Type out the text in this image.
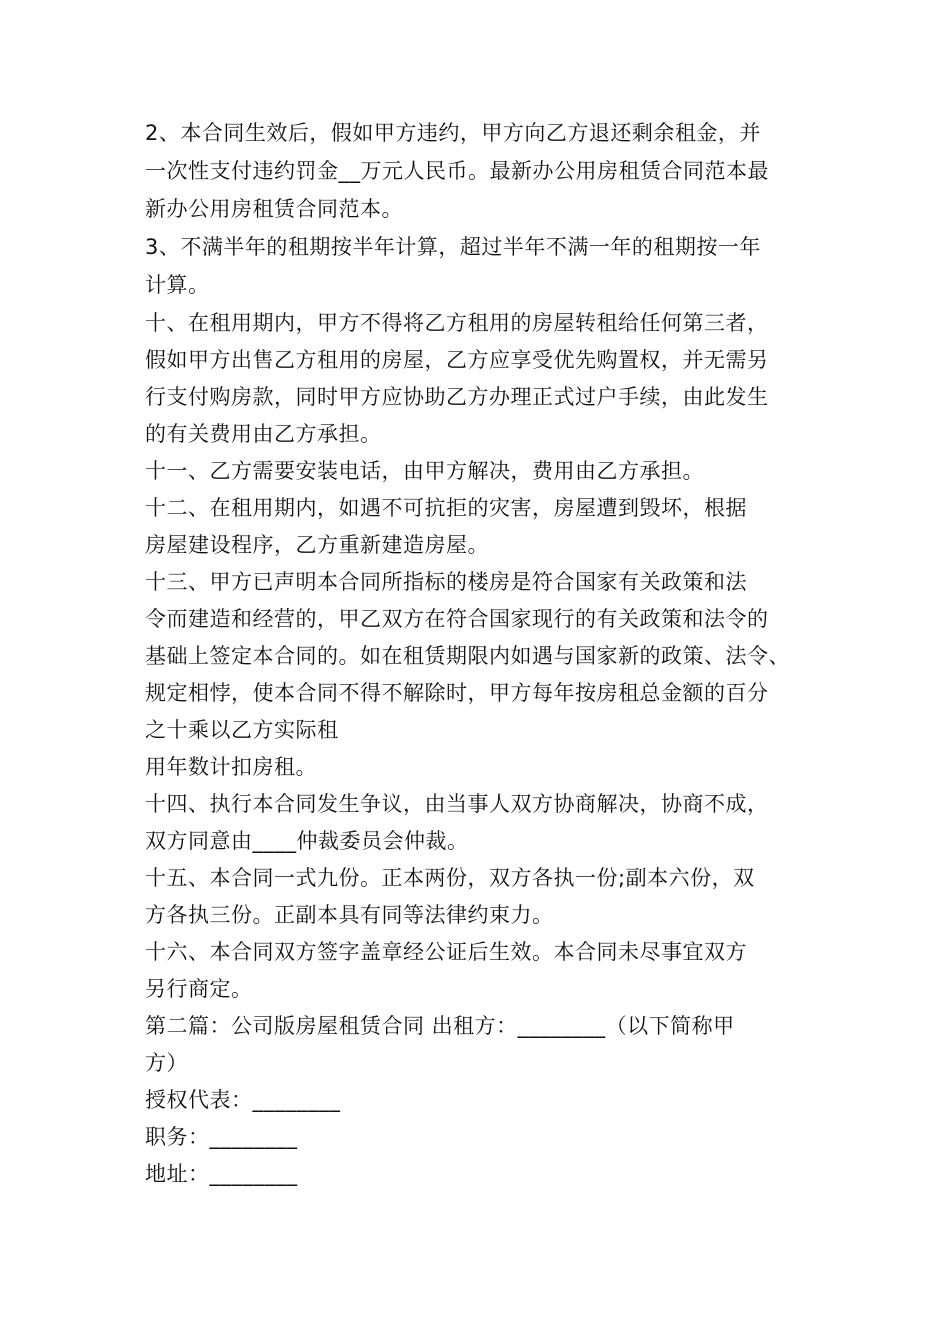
2、本合同生效后，假如甲方违约，甲方向乙方退还剩余租金，并
一次性支付违约罚金__万元人民币。最新办公用房租赁合同范本最
新办公用房租赁合同范本。
3、不满半年的租期按半年计算，超过半年不满一年的租期按一年
计算。
十、在租用期内，甲方不得将乙方租用的房屋转租给任何第三者，
假如甲方出售乙方租用的房屋，乙方应享受优先购置权，并无需另
行支付购房款，同时甲方应协助乙方办理正式过户手续，由此发生
的有关费用由乙方承担。
十一、乙方需要安装电话，由甲方解决，费用由乙方承担。
十二、在租用期内，如遇不可抗拒的灾害，房屋遭到毁坏，根据
房屋建设程序，乙方重新建造房屋。
十三、甲方已声明本合同所指标的楼房是符合国家有关政策和法
令而建造和经营的，甲乙双方在符合国家现行的有关政策和法令的
基础上签定本合同的。如在租赁期限内如遇与国家新的政策、法令、
规定相悖，使本合同不得不解除时，甲方每年按房租总金额的百分
之十乘以乙方实际租
用年数计扣房租。
十四、执行本合同发生争议，由当事人双方协商解决，协商不成，
双方同意由____仲裁委员会仲裁。
十五、本合同一式九份。正本两份，双方各执一份;副本六份，双
方各执三份。正副本具有同等法律约束力。
十六、本合同双方签字盖章经公证后生效。本合同未尽事宜双方
另行商定。
第二篇：公司版房屋租赁合同 出租方：________（以下简称甲
方）
授权代表：________
职务：________
地址：________
